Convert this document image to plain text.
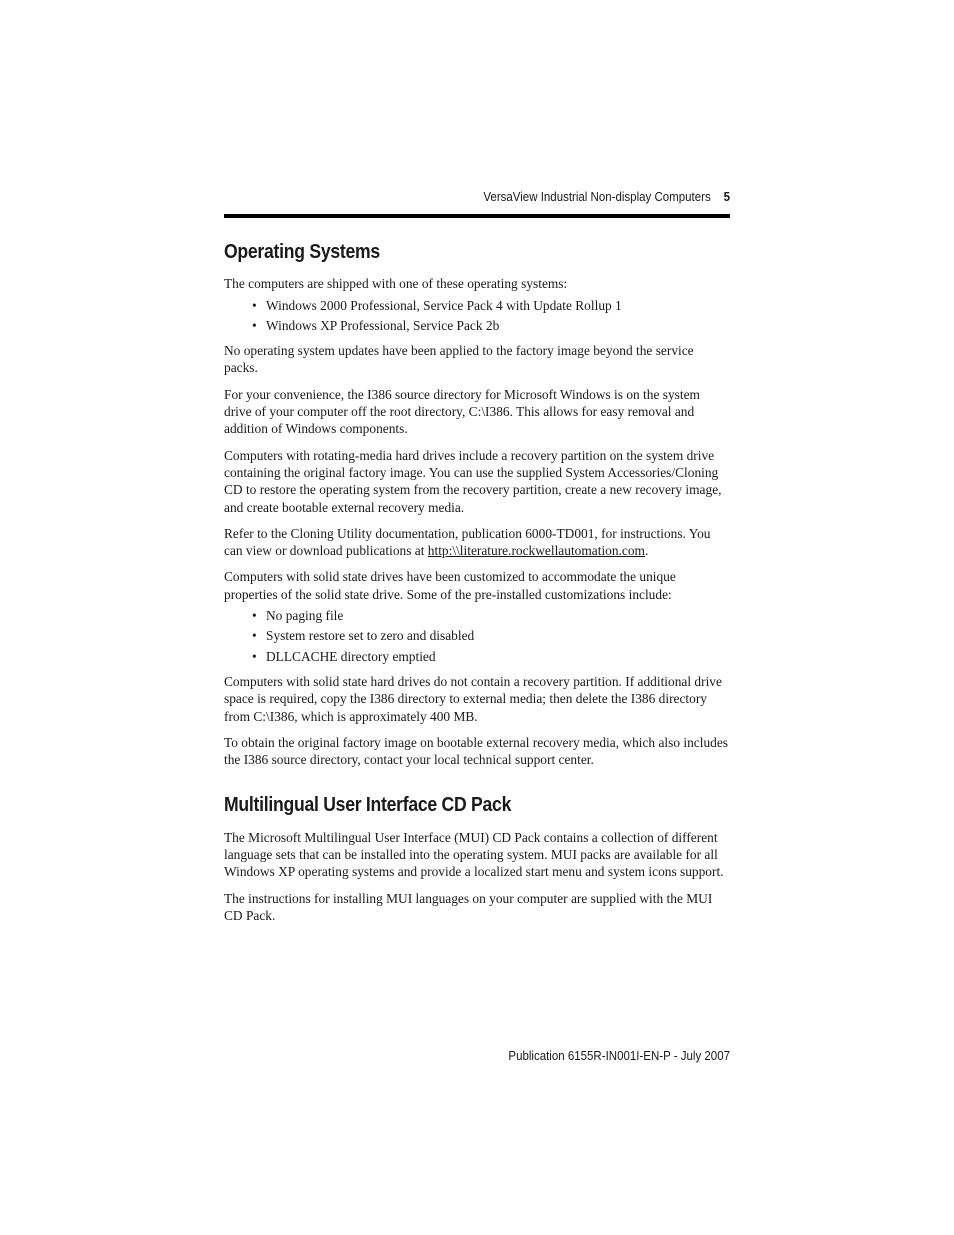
VersaView Industrial Non-display Computers 5
Operating Systems

The computers are shipped with one of these operating systems:

• Windows 2000 Professional, Service Pack 4 with Update Rollup 1
• Windows XP Professional, Service Pack 2b

No operating system updates have been applied to the factory image beyond the service packs.

For your convenience, the I386 source directory for Microsoft Windows is on the system drive of your computer off the root directory, C:\I386. This allows for easy removal and addition of Windows components.

Computers with rotating-media hard drives include a recovery partition on the system drive containing the original factory image. You can use the supplied System Accessories/Cloning CD to restore the operating system from the recovery partition, create a new recovery image, and create bootable external recovery media.

Refer to the Cloning Utility documentation, publication 6000-TD001, for instructions. You can view or download publications at http:\\literature.rockwellautomation.com.

Computers with solid state drives have been customized to accommodate the unique properties of the solid state drive. Some of the pre-installed customizations include:

• No paging file
• System restore set to zero and disabled
• DLLCACHE directory emptied

Computers with solid state hard drives do not contain a recovery partition. If additional drive space is required, copy the I386 directory to external media; then delete the I386 directory from C:\I386, which is approximately 400 MB.

To obtain the original factory image on bootable external recovery media, which also includes the I386 source directory, contact your local technical support center.

Multilingual User Interface CD Pack

The Microsoft Multilingual User Interface (MUI) CD Pack contains a collection of different language sets that can be installed into the operating system. MUI packs are available for all Windows XP operating systems and provide a localized start menu and system icons support.

The instructions for installing MUI languages on your computer are supplied with the MUI CD Pack.

Publication 6155R-IN001I-EN-P - July 2007
